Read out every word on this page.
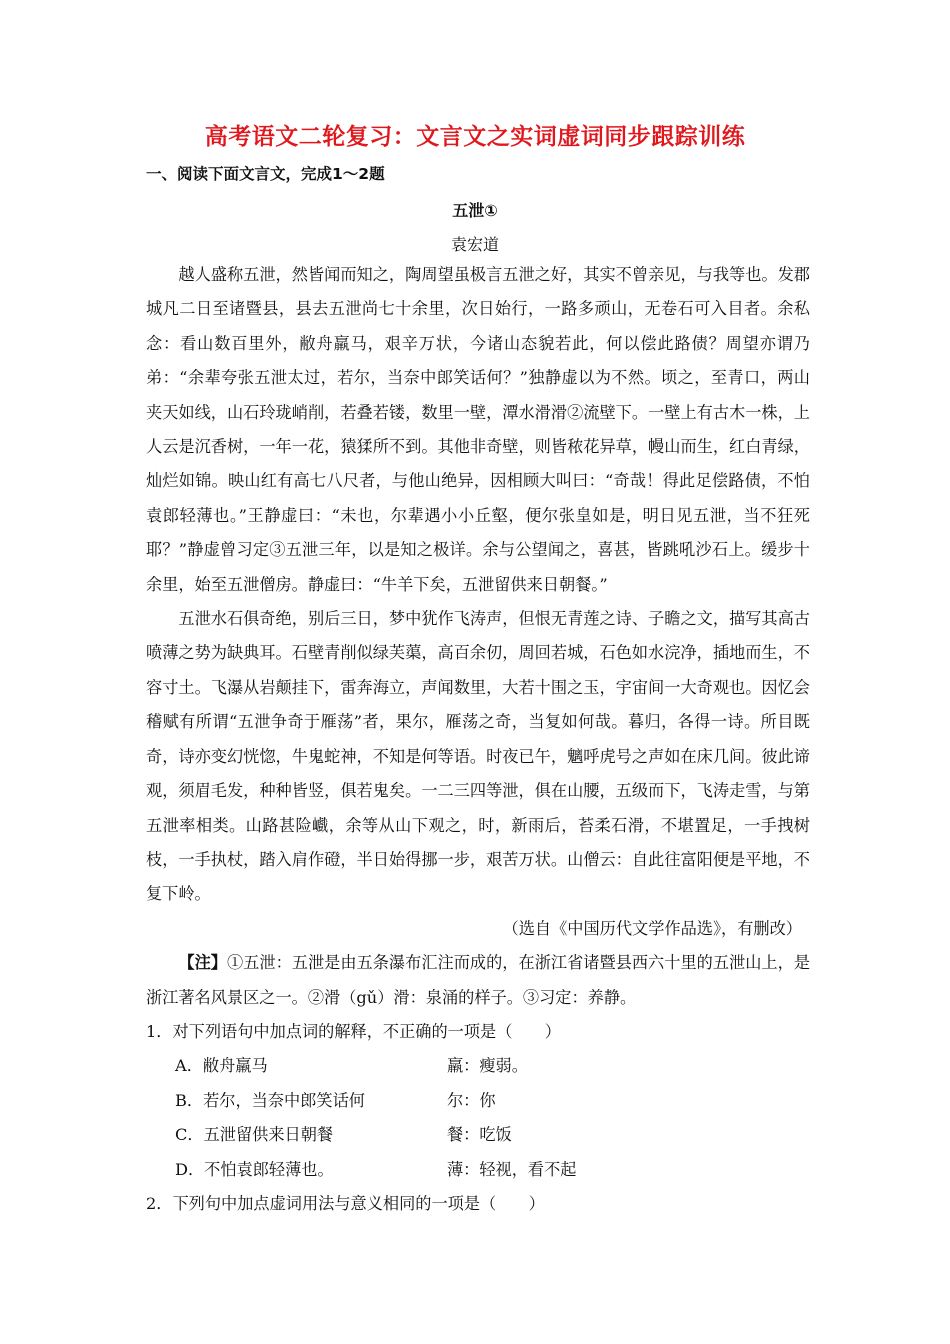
高考语文二轮复习：文言文之实词虚词同步跟踪训练
一、阅读下面文言文，完成1～2题
五泄①
袁宏道

越人盛称五泄，然皆闻而知之，陶周望虽极言五泄之好，其实不曾亲见，与我等也。发郡城凡二日至诸暨县，县去五泄尚七十余里，次日始行，一路多顽山，无卷石可入目者。余私念：看山数百里外，敝舟羸马，艰辛万状，今诸山态貌若此，何以偿此路债？周望亦谓乃弟：“余辈夸张五泄太过，若尔，当奈中郎笑话何？”独静虚以为不然。顷之，至青口，两山夹天如线，山石玲珑峭削，若叠若镂，数里一壁，潭水滑滑②流壁下。一壁上有古木一株，上人云是沉香树，一年一花，猿猱所不到。其他非奇壁，则皆秾花异草，幔山而生，红白青绿，灿烂如锦。映山红有高七八尺者，与他山绝异，因相顾大叫曰：“奇哉！得此足偿路债，不怕袁郎轻薄也。”王静虚曰：“未也，尔辈遇小小丘壑，便尔张皇如是，明日见五泄，当不狂死耶？”静虚曾习定③五泄三年，以是知之极详。余与公望闻之，喜甚，皆跳吼沙石上。缓步十余里，始至五泄僧房。静虚曰：“牛羊下矣，五泄留供来日朝餐。”

五泄水石俱奇绝，别后三日，梦中犹作飞涛声，但恨无青莲之诗、子瞻之文，描写其高古喷薄之势为缺典耳。石壁青削似绿芙蕖，高百余仞，周回若城，石色如水浣净，插地而生，不容寸土。飞瀑从岩颠挂下，雷奔海立，声闻数里，大若十围之玉，宇宙间一大奇观也。因忆会稽赋有所谓“五泄争奇于雁荡”者，果尔，雁荡之奇，当复如何哉。暮归，各得一诗。所目既奇，诗亦变幻恍惚，牛鬼蛇神，不知是何等语。时夜已午，魑呼虎号之声如在床几间。彼此谛观，须眉毛发，种种皆竖，俱若鬼矣。一二三四等泄，俱在山腰，五级而下，飞涛走雪，与第五泄率相类。山路甚险巇，余等从山下观之，时，新雨后，苔柔石滑，不堪置足，一手拽树枝，一手执杖，踏入肩作磴，半日始得挪一步，艰苦万状。山僧云：自此往富阳便是平地，不复下岭。

（选自《中国历代文学作品选》，有删改）

【注】①五泄：五泄是由五条瀑布汇注而成的，在浙江省诸暨县西六十里的五泄山上，是浙江著名风景区之一。②滑（gǔ）滑：泉涌的样子。③习定：养静。

1．对下列语句中加点词的解释，不正确的一项是（　　）

A．敝舟羸马	羸：瘦弱。
B．若尔，当奈中郎笑话何	尔：你
C．五泄留供来日朝餐	餐：吃饭
D．不怕袁郎轻薄也。	薄：轻视，看不起

2．下列句中加点虚词用法与意义相同的一项是（　　）
